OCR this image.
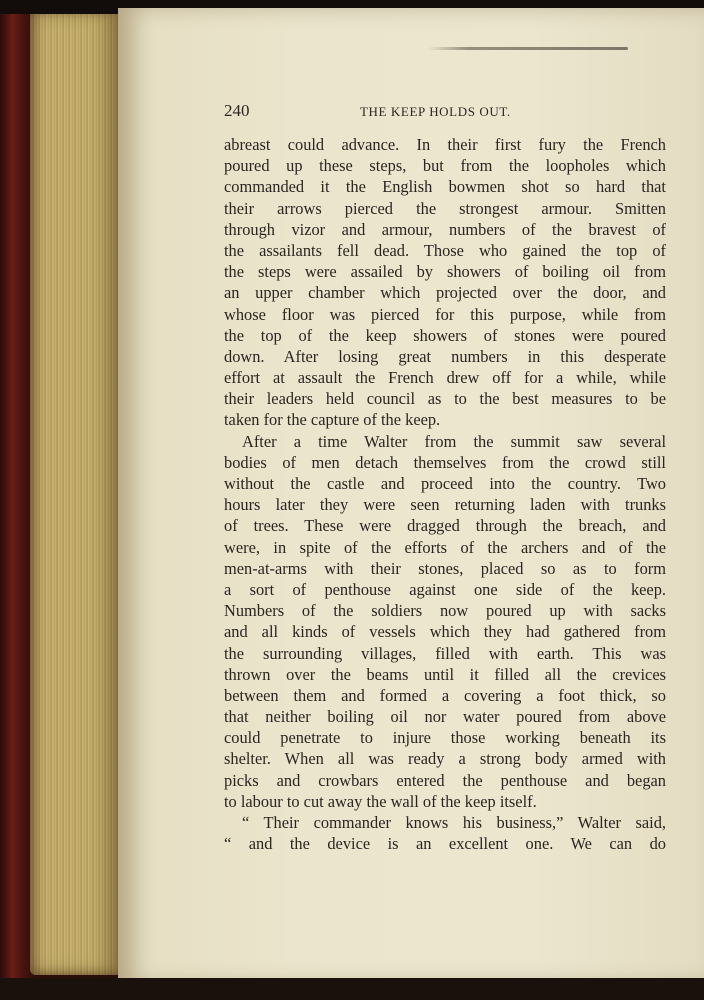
240	THE KEEP HOLDS OUT.
abreast could advance. In their first fury the French
poured up these steps, but from the loopholes which
commanded it the English bowmen shot so hard that
their arrows pierced the strongest armour. Smitten
through vizor and armour, numbers of the bravest of
the assailants fell dead. Those who gained the top of
the steps were assailed by showers of boiling oil from
an upper chamber which projected over the door, and
whose floor was pierced for this purpose, while from
the top of the keep showers of stones were poured
down. After losing great numbers in this desperate
effort at assault the French drew off for a while, while
their leaders held council as to the best measures to be
taken for the capture of the keep.
After a time Walter from the summit saw several
bodies of men detach themselves from the crowd still
without the castle and proceed into the country. Two
hours later they were seen returning laden with trunks
of trees. These were dragged through the breach, and
were, in spite of the efforts of the archers and of the
men-at-arms with their stones, placed so as to form
a sort of penthouse against one side of the keep.
Numbers of the soldiers now poured up with sacks
and all kinds of vessels which they had gathered from
the surrounding villages, filled with earth. This was
thrown over the beams until it filled all the crevices
between them and formed a covering a foot thick, so
that neither boiling oil nor water poured from above
could penetrate to injure those working beneath its
shelter. When all was ready a strong body armed with
picks and crowbars entered the penthouse and began
to labour to cut away the wall of the keep itself.
“ Their commander knows his business,” Walter said,
“ and the device is an excellent one. We can do
